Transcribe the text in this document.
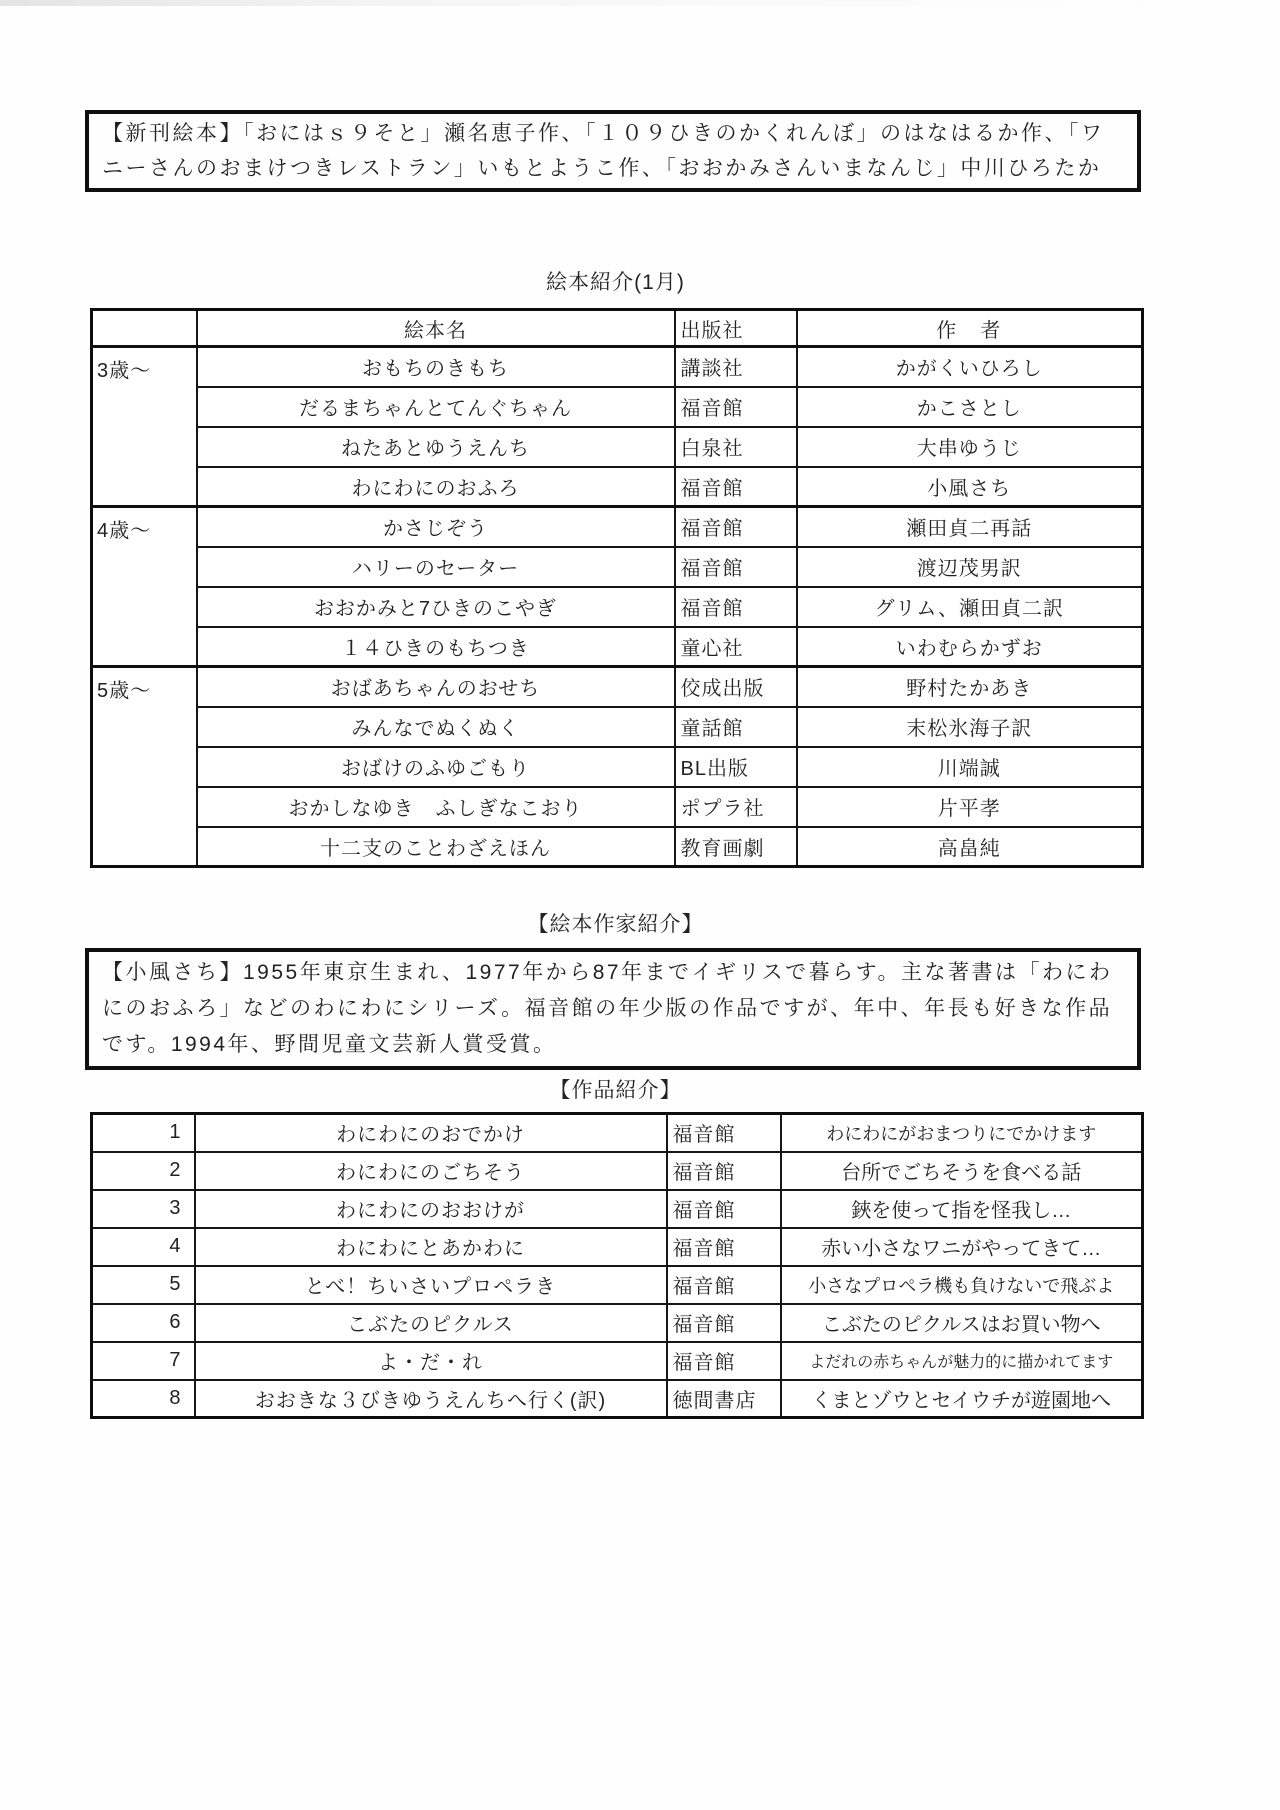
【新刊絵本】「おにはｓ９そと」瀬名恵子作、「１０９ひきのかくれんぼ」のはなはるか作、「ワニーさんのおまけつきレストラン」いもとようこ作、「おおかみさんいまなんじ」中川ひろたか
絵本紹介(1月)
	絵本名	出版社	作　者
3歳〜	おもちのきもち	講談社	かがくいひろし
	だるまちゃんとてんぐちゃん	福音館	かこさとし
	ねたあとゆうえんち	白泉社	大串ゆうじ
	わにわにのおふろ	福音館	小風さち
4歳〜	かさじぞう	福音館	瀬田貞二再話
	ハリーのセーター	福音館	渡辺茂男訳
	おおかみと7ひきのこやぎ	福音館	グリム、瀬田貞二訳
	１４ひきのもちつき	童心社	いわむらかずお
5歳〜	おばあちゃんのおせち	佼成出版	野村たかあき
	みんなでぬくぬく	童話館	末松氷海子訳
	おばけのふゆごもり	BL出版	川端誠
	おかしなゆき　ふしぎなこおり	ポプラ社	片平孝
	十二支のことわざえほん	教育画劇	高畠純
【絵本作家紹介】
【小風さち】1955年東京生まれ、1977年から87年までイギリスで暮らす。主な著書は「わにわにのおふろ」などのわにわにシリーズ。福音館の年少版の作品ですが、年中、年長も好きな作品です。1994年、野間児童文芸新人賞受賞。
【作品紹介】
1	わにわにのおでかけ	福音館	わにわにがおまつりにでかけます
2	わにわにのごちそう	福音館	台所でごちそうを食べる話
3	わにわにのおおけが	福音館	鋏を使って指を怪我し…
4	わにわにとあかわに	福音館	赤い小さなワニがやってきて…
5	とべ！ちいさいプロペラき	福音館	小さなプロペラ機も負けないで飛ぶよ
6	こぶたのピクルス	福音館	こぶたのピクルスはお買い物へ
7	よ・だ・れ	福音館	よだれの赤ちゃんが魅力的に描かれてます
8	おおきな３びきゆうえんちへ行く(訳)	徳間書店	くまとゾウとセイウチが遊園地へ
